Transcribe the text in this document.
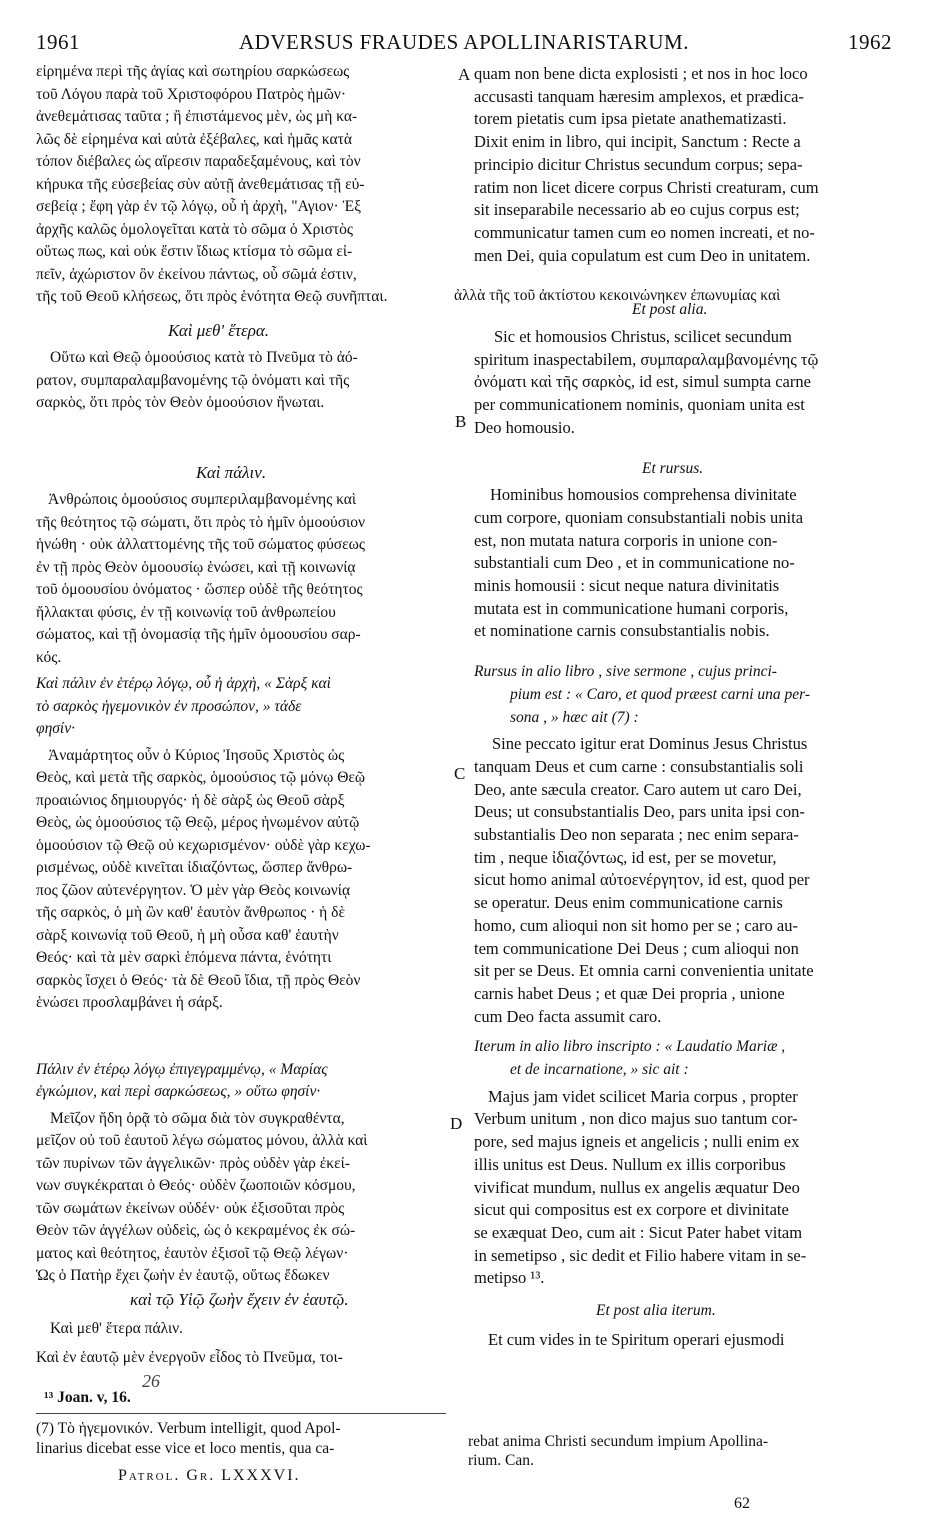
1961	ADVERSUS FRAUDES APOLLINARISTARUM.	1962
εἰρημένα περὶ τῆς ἁγίας καὶ σωτηρίου σαρκώσεως
τοῦ Λόγου παρὰ τοῦ Χριστοφόρου Πατρὸς ἡμῶν·
ἀνεθεμάτισας ταῦτα ; ἢ ἐπιστάμενος μὲν, ὡς μὴ κα-
λῶς δὲ εἰρημένα καὶ αὐτὰ ἐξέβαλες, καὶ ἡμᾶς κατὰ
τόπον διέβαλες ὡς αἵρεσιν παραδεξαμένους, καὶ τὸν
κήρυκα τῆς εὐσεβείας σὺν αὐτῇ ἀνεθεμάτισας τῇ εὐ-
σεβείᾳ ; ἔφη γὰρ ἐν τῷ λόγῳ, οὗ ἡ ἀρχὴ, "Αγιον· Ἐξ
ἀρχῆς καλῶς ὁμολογεῖται κατὰ τὸ σῶμα ὁ Χριστὸς
οὕτως πως, καὶ οὐκ ἔστιν ἴδιως κτίσμα τὸ σῶμα εἰ-
πεῖν, ἀχώριστον ὂν ἐκείνου πάντως, οὗ σῶμά ἐστιν,
τῆς τοῦ Θεοῦ κλήσεως, ὅτι πρὸς ἑνότητα Θεῷ συνῆπται.
Καὶ μεθ' ἕτερα.
Οὕτω καὶ Θεῷ ὁμοούσιος κατὰ τὸ Πνεῦμα τὸ ἀό-
ρατον, συμπαραλαμβανομένης τῷ ὀνόματι καὶ τῆς
σαρκὸς, ὅτι πρὸς τὸν Θεὸν ὁμοούσιον ἥνωται.
Καὶ πάλιν.
Ἀνθρώποις ὁμοούσιος συμπεριλαμβανομένης καὶ
τῆς θεότητος τῷ σώματι, ὅτι πρὸς τὸ ἡμῖν ὁμοούσιον
ἡνώθη · οὐκ ἀλλαττομένης τῆς τοῦ σώματος φύσεως
ἐν τῇ πρὸς Θεὸν ὁμοουσίῳ ἑνώσει, καὶ τῇ κοινωνίᾳ
τοῦ ὁμοουσίου ὀνόματος · ὥσπερ οὐδὲ τῆς θεότητος
ἤλλακται φύσις, ἐν τῇ κοινωνίᾳ τοῦ ἀνθρωπείου
σώματος, καὶ τῇ ὀνομασίᾳ τῆς ἡμῖν ὁμοουσίου σαρ-
κός.
Καὶ πάλιν ἐν ἑτέρῳ λόγῳ, οὗ ἡ ἀρχὴ, « Σὰρξ καὶ
τὸ σαρκὸς ἡγεμονικὸν ἐν προσώπον, » τάδε
φησίν·
Ἀναμάρτητος οὖν ὁ Κύριος Ἰησοῦς Χριστὸς ὡς
Θεὸς, καὶ μετὰ τῆς σαρκὸς, ὁμοούσιος τῷ μόνῳ Θεῷ
προαιώνιος δημιουργός· ἡ δὲ σὰρξ ὡς Θεοῦ σὰρξ
Θεὸς, ὡς ὁμοούσιος τῷ Θεῷ, μέρος ἡνωμένον αὐτῷ
ὁμοούσιον τῷ Θεῷ οὐ κεχωρισμένον· οὐδὲ γὰρ κεχω-
ρισμένως, οὐδὲ κινεῖται ἰδιαζόντως, ὥσπερ ἄνθρω-
πος ζῶον αὐτενέργητον. Ὁ μὲν γὰρ Θεὸς κοινωνίᾳ
τῆς σαρκὸς, ὁ μὴ ὢν καθ' ἑαυτὸν ἄνθρωπος · ἡ δὲ
σὰρξ κοινωνίᾳ τοῦ Θεοῦ, ἡ μὴ οὖσα καθ' ἑαυτὴν
Θεός· καὶ τὰ μὲν σαρκὶ ἑπόμενα πάντα, ἑνότητι
σαρκὸς ἴσχει ὁ Θεός· τὰ δὲ Θεοῦ ἴδια, τῇ πρὸς Θεὸν
ἑνώσει προσλαμβάνει ἡ σάρξ.
Πάλιν ἐν ἑτέρῳ λόγῳ ἐπιγεγραμμένῳ, « Μαρίας
ἐγκώμιον, καὶ περὶ σαρκώσεως, » οὕτω φησίν·
Μεῖζον ἤδη ὁρᾷ τὸ σῶμα διὰ τὸν συγκραθέντα,
μεῖζον οὐ τοῦ ἑαυτοῦ λέγω σώματος μόνου, ἀλλὰ καὶ
τῶν πυρίνων τῶν ἀγγελικῶν· πρὸς οὐδὲν γὰρ ἐκεί-
νων συγκέκραται ὁ Θεός· οὐδὲν ζωοποιῶν κόσμου,
τῶν σωμάτων ἐκείνων οὐδέν· οὐκ ἐξισοῦται πρὸς
Θεὸν τῶν ἀγγέλων οὐδεὶς, ὡς ὁ κεκραμένος ἐκ σώ-
ματος καὶ θεότητος, ἑαυτὸν ἐξισοῖ τῷ Θεῷ λέγων·
Ὡς ὁ Πατὴρ ἔχει ζωὴν ἐν ἑαυτῷ, οὕτως ἔδωκεν
καὶ τῷ Υἱῷ ζωὴν ἔχειν ἐν ἑαυτῷ.
Καὶ μεθ' ἕτερα πάλιν.
Καὶ ἐν ἑαυτῷ μὲν ἐνεργοῦν εἶδος τὸ Πνεῦμα, τοι-
quam non bene dicta explosisti ; et nos in hoc loco
accusasti tanquam hæresim amplexos, et prædica-
torem pietatis cum ipsa pietate anathematizasti.
Dixit enim in libro, qui incipit, Sanctum : Recte a
principio dicitur Christus secundum corpus; sepa-
ratim non licet dicere corpus Christi creaturam, cum
sit inseparabile necessario ab eo cujus corpus est;
communicatur tamen cum eo nomen increati, et no-
men Dei, quia copulatum est cum Deo in unitatem.
Et post alia.
Sic et homousios Christus, scilicet secundum
spiritum inaspectabilem, συμπαραλαμβανομένης τῷ
ὀνόματι καὶ τῆς σαρκὸς, id est, simul sumpta carne
per communicationem nominis, quoniam unita est
Deo homousio.
Et rursus.
Hominibus homousios comprehensa divinitate
cum corpore, quoniam consubstantiali nobis unita
est, non mutata natura corporis in unione con-
substantiali cum Deo , et in communicatione no-
minis homousii : sicut neque natura divinitatis
mutata est in communicatione humani corporis,
et nominatione carnis consubstantialis nobis.
Rursus in alio libro , sive sermone , cujus princi-
pium est : « Caro, et quod præest carni una per-
sona , » hæc ait (7) :
Sine peccato igitur erat Dominus Jesus Christus
tanquam Deus et cum carne : consubstantialis soli
Deo, ante sæcula creator. Caro autem ut caro Dei,
Deus; ut consubstantialis Deo, pars unita ipsi con-
substantialis Deo non separata ; nec enim separa-
tim , neque ἰδιαζόντως, id est, per se movetur,
sicut homo animal αὐτοενέργητον, id est, quod per
se operatur. Deus enim communicatione carnis
homo, cum alioqui non sit homo per se ; caro au-
tem communicatione Dei Deus ; cum alioqui non
sit per se Deus. Et omnia carni convenientia unitate
carnis habet Deus ; et quæ Dei propria , unione
cum Deo facta assumit caro.
Iterum in alio libro inscripto : « Laudatio Mariæ ,
et de incarnatione, » sic ait :
Majus jam videt scilicet Maria corpus , propter
Verbum unitum , non dico majus suo tantum cor-
pore, sed majus igneis et angelicis ; nulli enim ex
illis unitus est Deus. Nullum ex illis corporibus
vivificat mundum, nullus ex angelis æquatur Deo
sicut qui compositus est ex corpore et divinitate
se exæquat Deo, cum ait : Sicut Pater habet vitam
in semetipso , sic dedit et Filio habere vitam in se-
metipso ¹³.
Et post alia iterum.
Et cum vides in te Spiritum operari ejusmodi
ἀλλὰ τῆς τοῦ ἀκτίστου κεκοινώνηκεν ἐπωνυμίας καὶ
A
B
C
D
26
¹³ Joan. v, 16.
(7) Τὸ ἡγεμονικόν. Verbum intelligit, quod Apol-
linarius dicebat esse vice et loco mentis, qua ca-	rebat anima Christi secundum impium Apollina-
rium. Can.
Patrol. Gr. LXXXVI.
62
